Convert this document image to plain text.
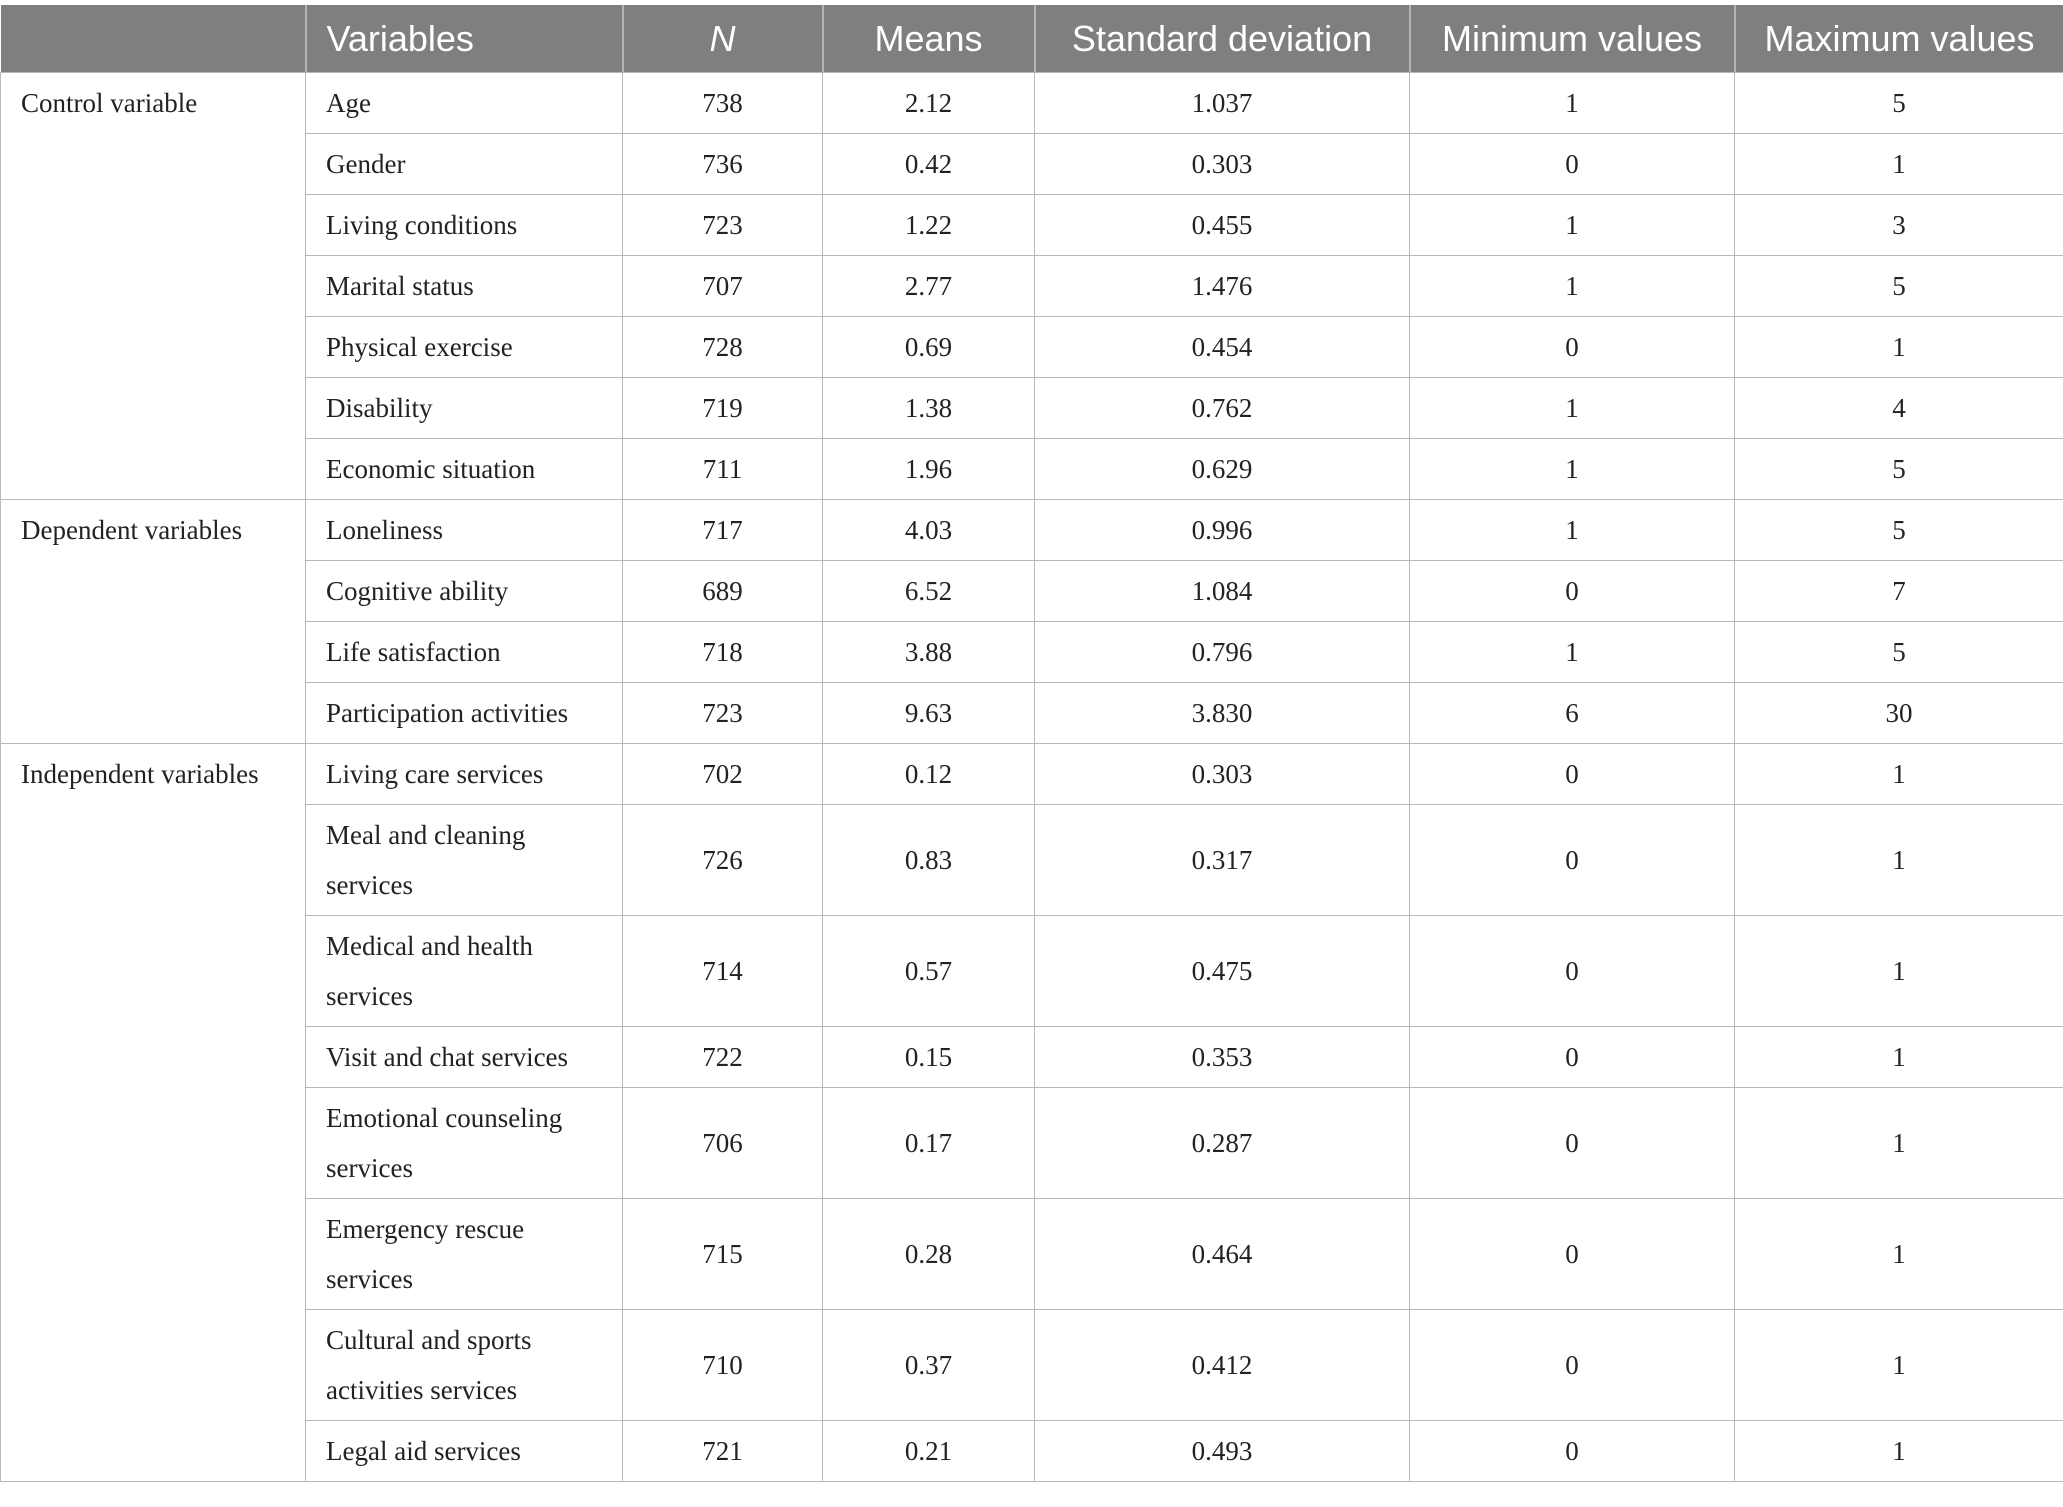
	Variables	N	Means	Standard deviation	Minimum values	Maximum values
Control variable	Age	738	2.12	1.037	1	5
	Gender	736	0.42	0.303	0	1
	Living conditions	723	1.22	0.455	1	3
	Marital status	707	2.77	1.476	1	5
	Physical exercise	728	0.69	0.454	0	1
	Disability	719	1.38	0.762	1	4
	Economic situation	711	1.96	0.629	1	5
Dependent variables	Loneliness	717	4.03	0.996	1	5
	Cognitive ability	689	6.52	1.084	0	7
	Life satisfaction	718	3.88	0.796	1	5
	Participation activities	723	9.63	3.830	6	30
Independent variables	Living care services	702	0.12	0.303	0	1
	Meal and cleaning services	726	0.83	0.317	0	1
	Medical and health services	714	0.57	0.475	0	1
	Visit and chat services	722	0.15	0.353	0	1
	Emotional counseling services	706	0.17	0.287	0	1
	Emergency rescue services	715	0.28	0.464	0	1
	Cultural and sports activities services	710	0.37	0.412	0	1
	Legal aid services	721	0.21	0.493	0	1
